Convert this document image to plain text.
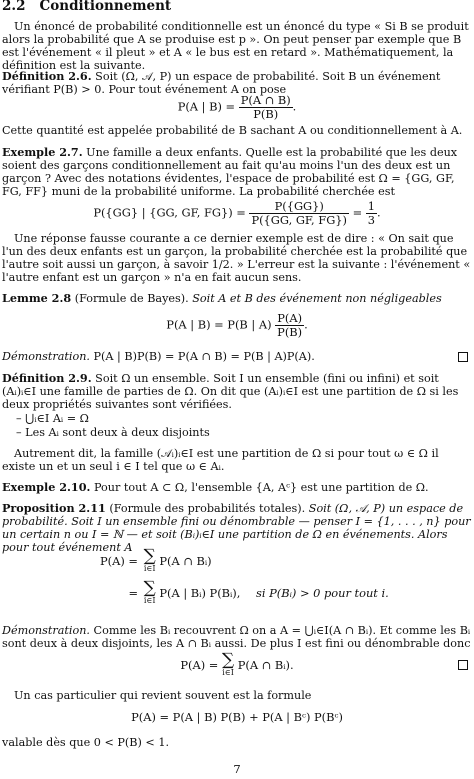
2.2 Conditionnement
Un énoncé de probabilité conditionnelle est un énoncé du type « Si B se produit alors la probabilité que A se produise est p ». On peut penser par exemple que B est l'événement « il pleut » et A « le bus est en retard ». Mathématiquement, la définition est la suivante.
Définition 2.6. Soit (Ω, 𝒜, P) un espace de probabilité. Soit B un événement vérifiant P(B) > 0. Pour tout événement A on pose
P(A | $B) = \frac{P(A \cap B)}{P(B)}$ .
Cette quantité est appelée probabilité de B sachant A ou conditionnellement à A.
Exemple 2.7. Une famille a deux enfants. Quelle est la probabilité que les deux soient des garçons conditionnellement au fait qu'au moins l'un des deux est un garçon ? Avec des notations évidentes, l'espace de probabilité est Ω = {GG, GF, FG, FF} muni de la probabilité uniforme. La probabilité cherchée est
P({GG} | {GG, GF, $FG\}) = \frac{P(\{GG\})}{P(\{GG, GF, FG\})} = \frac{1}{3}$ .
Une réponse fausse courante a ce dernier exemple est de dire : « On sait que l'un des deux enfants est un garçon, la probabilité cherchée est la probabilité que l'autre soit aussi un garçon, à savoir 1/2. » L'erreur est la suivante : l'événement « l'autre enfant est un garçon » n'a en fait aucun sens.
Lemme 2.8 (Formule de Bayes). Soit A et B des événement non négligeables
P(A | B) = P(B | $A) \frac{P(A)}{P(B)}$ .
Démonstration. P(A | B)P(B) = P(A ∩ B) = P(B | A)P(A).
Définition 2.9. Soit Ω un ensemble. Soit I un ensemble (fini ou infini) et soit (Aᵢ)ᵢ∈I une famille de parties de Ω. On dit que (Aᵢ)ᵢ∈I est une partition de Ω si les deux propriétés suivantes sont vérifiées.
– ⋃ᵢ∈I Aᵢ = Ω
– Les Aᵢ sont deux à deux disjoints
Autrement dit, la famille (𝒜ᵢ)ᵢ∈I est une partition de Ω si pour tout ω ∈ Ω il existe un et un seul i ∈ I tel que ω ∈ Aᵢ.
Exemple 2.10. Pour tout A ⊂ Ω, l'ensemble {A, Aᶜ} est une partition de Ω.
Proposition 2.11 (Formule des probabilités totales). Soit (Ω, 𝒜, P) un espace de probabilité. Soit I un ensemble fini ou dénombrable — penser I = {1, . . . , n} pour un certain n ou I = ℕ — et soit (Bᵢ)ᵢ∈I une partition de Ω en événements. Alors pour tout événement A
P(A) = ∑
i∈I
P(A ∩ Bᵢ)
= ∑
i∈I
P(A | Bᵢ) P(Bᵢ), si P(Bᵢ) > 0 pour tout i.
Démonstration. Comme les Bᵢ recouvrent Ω on a A = ⋃ᵢ∈I(A ∩ Bᵢ). Et comme les Bᵢ sont deux à deux disjoints, les A ∩ Bᵢ aussi. De plus I est fini ou dénombrable donc
P(A) = ∑
i∈I
P(A ∩ Bᵢ).
Un cas particulier qui revient souvent est la formule
P(A) = P(A | B) P(B) + P(A | Bᶜ) P(Bᶜ)
valable dès que 0 < P(B) < 1.
7
